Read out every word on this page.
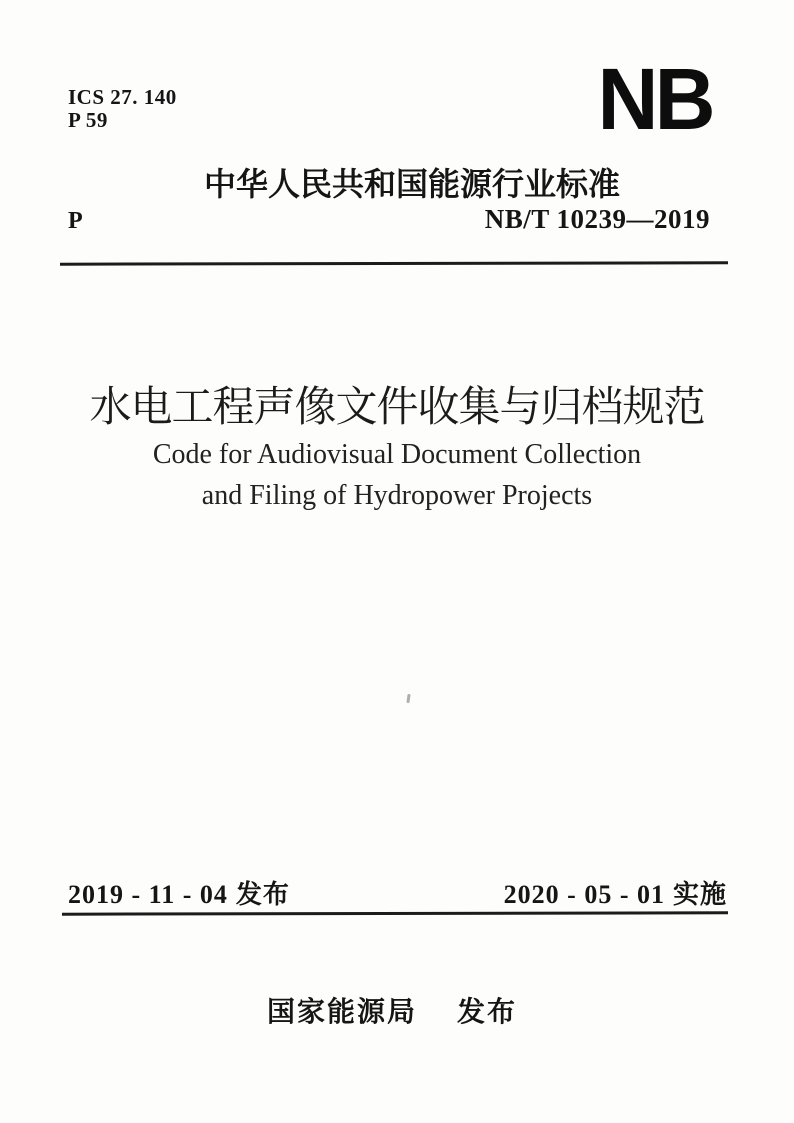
ICS 27. 140
P 59	NB
中华人民共和国能源行业标准
P	NB/T 10239—2019
水电工程声像文件收集与归档规范
Code for Audiovisual Document Collection
and Filing of Hydropower Projects
2019 - 11 - 04 发布	2020 - 05 - 01 实施
国家能源局 发布
